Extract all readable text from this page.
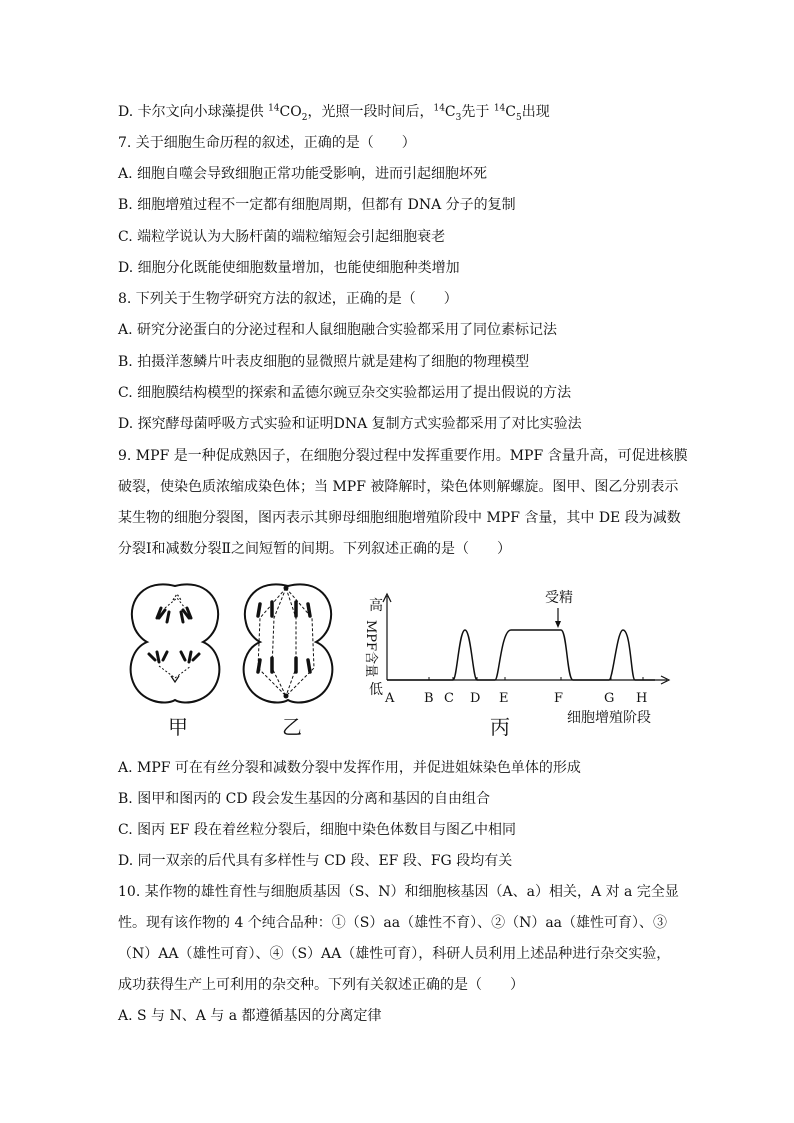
D. 卡尔文向小球藻提供 $^{14}CO_2$，光照一段时间后，$^{14}C_3$先于 $^{14}C_5$出现
7. 关于细胞生命历程的叙述，正确的是（　　）
A. 细胞自噬会导致细胞正常功能受影响，进而引起细胞坏死
B. 细胞增殖过程不一定都有细胞周期，但都有 DNA 分子的复制
C. 端粒学说认为大肠杆菌的端粒缩短会引起细胞衰老
D. 细胞分化既能使细胞数量增加，也能使细胞种类增加
8. 下列关于生物学研究方法的叙述，正确的是（　　）
A. 研究分泌蛋白的分泌过程和人鼠细胞融合实验都采用了同位素标记法
B. 拍摄洋葱鳞片叶表皮细胞的显微照片就是建构了细胞的物理模型
C. 细胞膜结构模型的探索和孟德尔豌豆杂交实验都运用了提出假说的方法
D. 探究酵母菌呼吸方式实验和证明DNA 复制方式实验都采用了对比实验法
9. MPF 是一种促成熟因子，在细胞分裂过程中发挥重要作用。MPF 含量升高，可促进核膜
破裂，使染色质浓缩成染色体；当 MPF 被降解时，染色体则解螺旋。图甲、图乙分别表示
某生物的细胞分裂图，图丙表示其卵母细胞细胞增殖阶段中 MPF 含量，其中 DE 段为减数
分裂Ⅰ和减数分裂Ⅱ之间短暂的间期。下列叙述正确的是（　　）
甲	乙
受精
高
低
MPF含量
A B C D E	F	G H
细胞增殖阶段
丙
A. MPF 可在有丝分裂和减数分裂中发挥作用，并促进姐妹染色单体的形成
B. 图甲和图丙的 CD 段会发生基因的分离和基因的自由组合
C. 图丙 EF 段在着丝粒分裂后，细胞中染色体数目与图乙中相同
D. 同一双亲的后代具有多样性与 CD 段、EF 段、FG 段均有关
10. 某作物的雄性育性与细胞质基因（S、N）和细胞核基因（A、a）相关，A 对 a 完全显
性。现有该作物的 4 个纯合品种：①（S）aa（雄性不育）、②（N）aa（雄性可育）、③
（N）AA（雄性可育）、④（S）AA（雄性可育），科研人员利用上述品种进行杂交实验，
成功获得生产上可利用的杂交种。下列有关叙述正确的是（　　）
A. S 与 N、A 与 a 都遵循基因的分离定律
